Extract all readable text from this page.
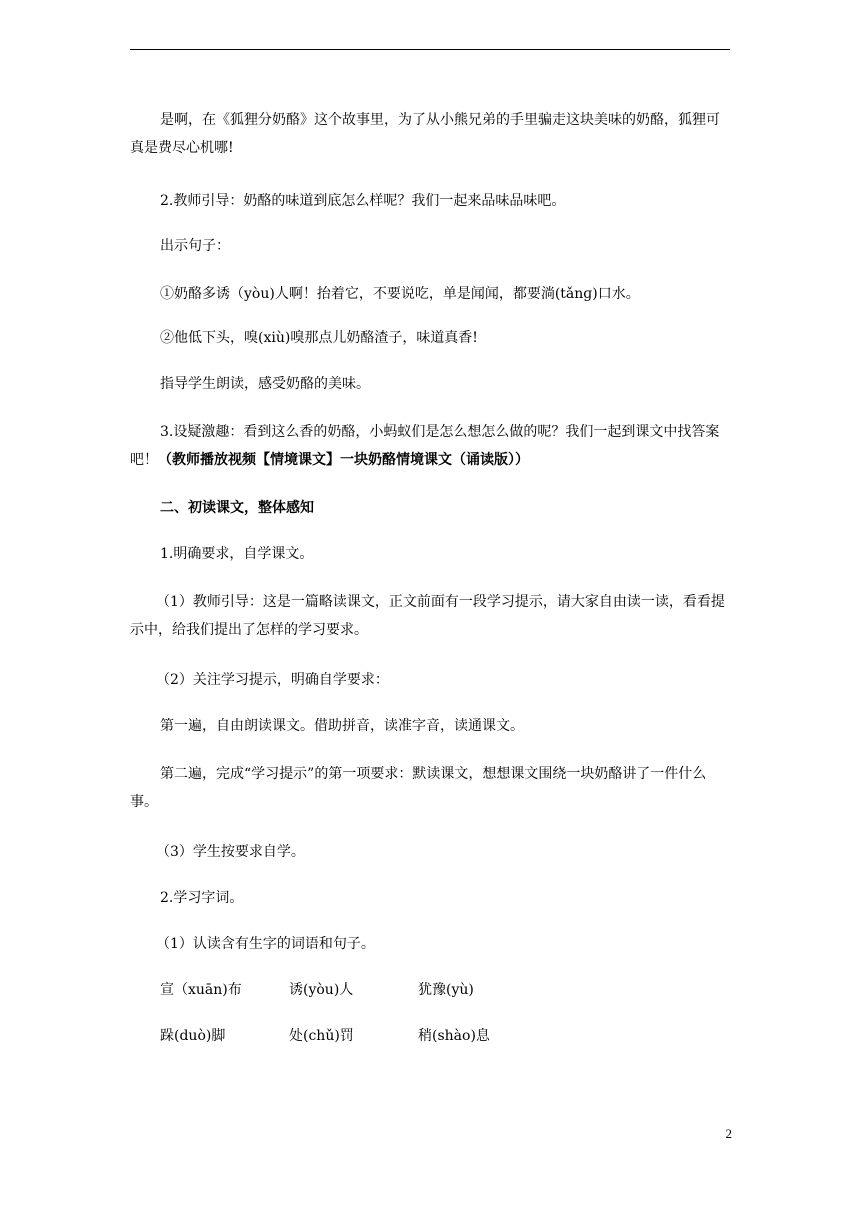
是啊，在《狐狸分奶酪》这个故事里，为了从小熊兄弟的手里骗走这块美味的奶酪，狐狸可真是费尽心机哪!
2.教师引导：奶酪的味道到底怎么样呢？我们一起来品味品味吧。
出示句子：
①奶酪多诱（yòu)人啊！抬着它，不要说吃，单是闻闻，都要淌(tǎnɡ)口水。
②他低下头，嗅(xiù)嗅那点儿奶酪渣子，味道真香!
指导学生朗读，感受奶酪的美味。
3.设疑激趣：看到这么香的奶酪，小蚂蚁们是怎么想怎么做的呢？我们一起到课文中找答案吧！（教师播放视频【情境课文】一块奶酪情境课文（诵读版））
二、初读课文，整体感知
1.明确要求，自学课文。
（1）教师引导：这是一篇略读课文，正文前面有一段学习提示，请大家自由读一读，看看提示中，给我们提出了怎样的学习要求。
（2）关注学习提示，明确自学要求：
第一遍，自由朗读课文。借助拼音，读准字音，读通课文。
第二遍，完成“学习提示”的第一项要求：默读课文，想想课文围绕一块奶酪讲了一件什么事。
（3）学生按要求自学。
2.学习字词。
（1）认读含有生字的词语和句子。
宣（xuān)布	诱(yòu)人	犹豫(yù)
跺(duò)脚	处(chǔ)罚	稍(shào)息
2
